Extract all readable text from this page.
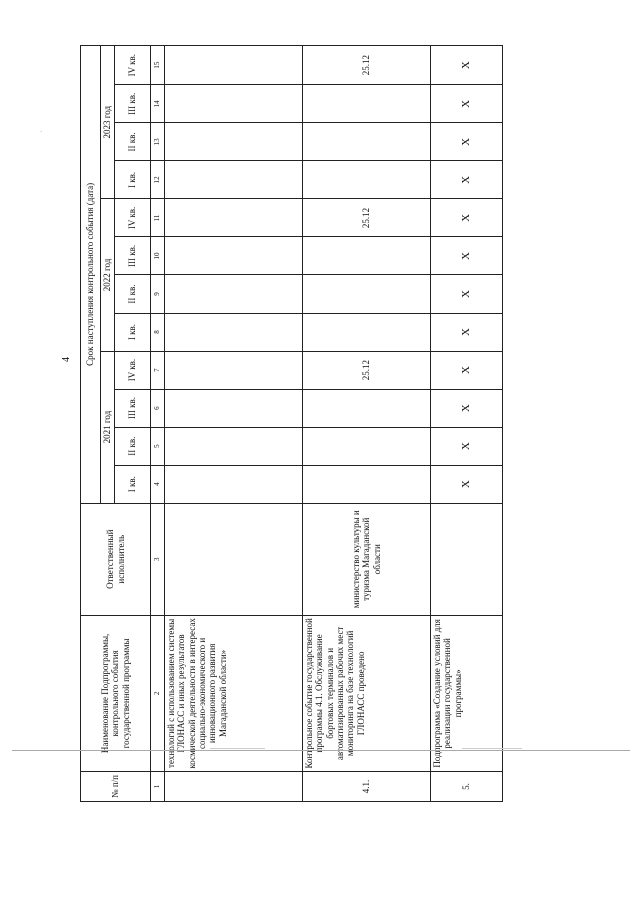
·
4
№ п/п	Наименование Подпрограммы, контрольного события государственной программы	Ответственный исполнитель	Срок наступления контрольного события (дата)											
			2021 год				2022 год				2023 год			
			I кв.	II кв.	III кв.	IV кв.	I кв.	II кв.	III кв.	IV кв.	I кв.	II кв.	III кв.	IV кв.
1	2	3	4	5	6	7	8	9	10	11	12	13	14	15
	технологий с использованием системы ГЛОНАСС и иных результатов космической деятельности в интересах социально-экономического и инновационного развития Магаданской области»													
4.1.	Контрольное событие государственной программы 4.1. Обслуживание бортовых терминалов и автоматизированных рабочих мест мониторинга на базе технологий ГЛОНАСС проведено	министерство культуры и туризма Магаданской области				25.12				25.12				25.12
5.	Подпрограмма «Создание условий для реализации государственной программы»		X	X	X	X	X	X	X	X	X	X	X	X
